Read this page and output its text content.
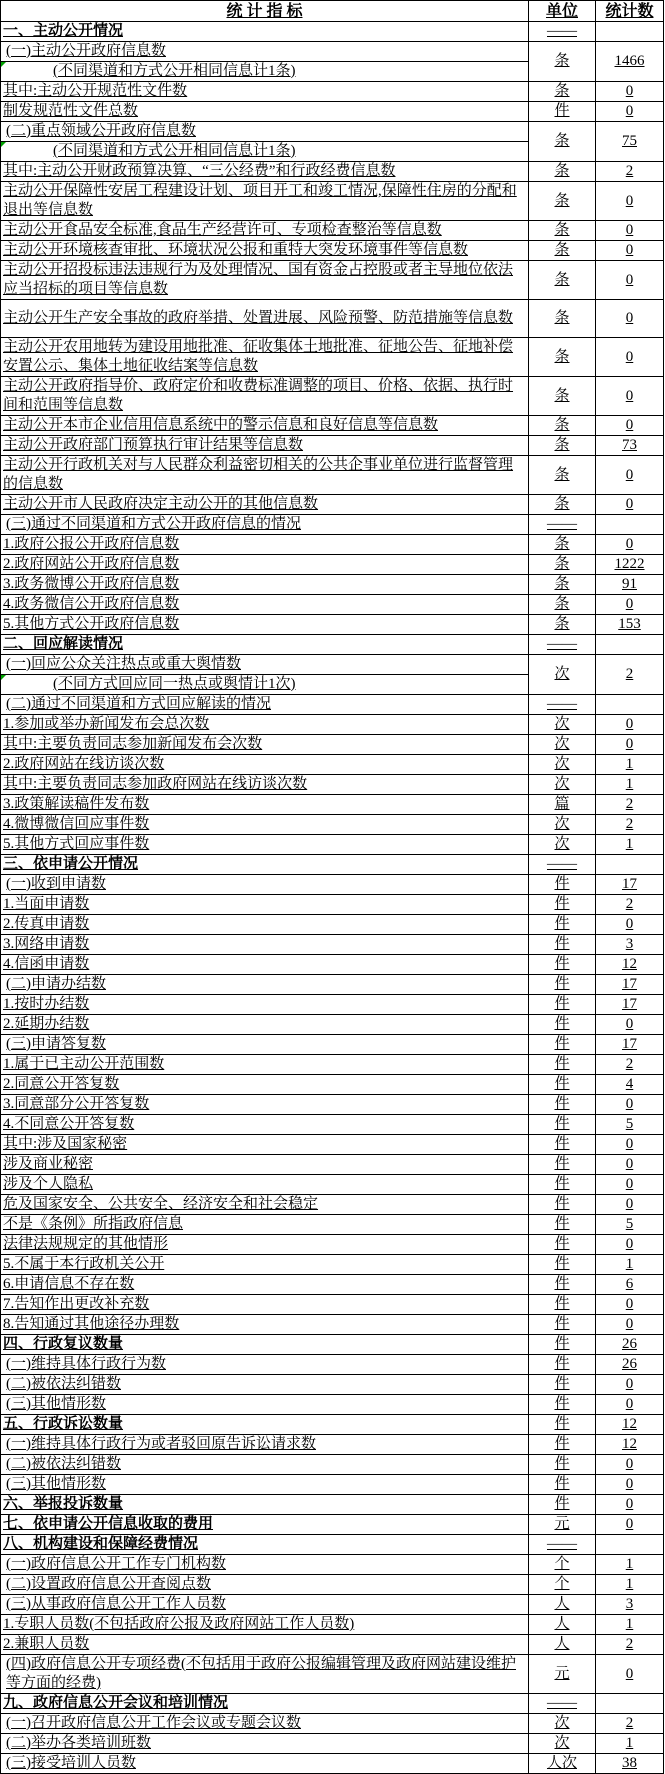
统 计 指 标	单位	统计数
一、主动公开情况	——	
(一)主动公开政府信息数	条	1466

(不同渠道和方式公开相同信息计1条)		
其中:主动公开规范性文件数	条	0
制发规范性文件总数	件	0
(二)重点领域公开政府信息数	条	75

(不同渠道和方式公开相同信息计1条)		
其中:主动公开财政预算决算、“三公经费”和行政经费信息数	条	2
主动公开保障性安居工程建设计划、项目开工和竣工情况,保障性住房的分配和退出等信息数	条	0
主动公开食品安全标准,食品生产经营许可、专项检查整治等信息数	条	0
主动公开环境核查审批、环境状况公报和重特大突发环境事件等信息数	条	0
主动公开招投标违法违规行为及处理情况、国有资金占控股或者主导地位依法应当招标的项目等信息数	条	0
主动公开生产安全事故的政府举措、处置进展、风险预警、防范措施等信息数	条	0
主动公开农用地转为建设用地批准、征收集体土地批准、征地公告、征地补偿安置公示、集体土地征收结案等信息数	条	0
主动公开政府指导价、政府定价和收费标准调整的项目、价格、依据、执行时间和范围等信息数	条	0
主动公开本市企业信用信息系统中的警示信息和良好信息等信息数	条	0
主动公开政府部门预算执行审计结果等信息数	条	73
主动公开行政机关对与人民群众利益密切相关的公共企事业单位进行监督管理的信息数	条	0
主动公开市人民政府决定主动公开的其他信息数	条	0
(三)通过不同渠道和方式公开政府信息的情况	——	
1.政府公报公开政府信息数	条	0
2.政府网站公开政府信息数	条	1222
3.政务微博公开政府信息数	条	91
4.政务微信公开政府信息数	条	0
5.其他方式公开政府信息数	条	153
二、回应解读情况	——	
(一)回应公众关注热点或重大舆情数	次	2

(不同方式回应同一热点或舆情计1次)		
(二)通过不同渠道和方式回应解读的情况	——	
1.参加或举办新闻发布会总次数	次	0
其中:主要负责同志参加新闻发布会次数	次	0
2.政府网站在线访谈次数	次	1
其中:主要负责同志参加政府网站在线访谈次数	次	1
3.政策解读稿件发布数	篇	2
4.微博微信回应事件数	次	2
5.其他方式回应事件数	次	1
三、依申请公开情况	——	
(一)收到申请数	件	17
1.当面申请数	件	2
2.传真申请数	件	0
3.网络申请数	件	3
4.信函申请数	件	12
(二)申请办结数	件	17
1.按时办结数	件	17
2.延期办结数	件	0
(三)申请答复数	件	17
1.属于已主动公开范围数	件	2
2.同意公开答复数	件	4
3.同意部分公开答复数	件	0
4.不同意公开答复数	件	5
其中:涉及国家秘密	件	0
涉及商业秘密	件	0
涉及个人隐私	件	0
危及国家安全、公共安全、经济安全和社会稳定	件	0
不是《条例》所指政府信息	件	5
法律法规规定的其他情形	件	0
5.不属于本行政机关公开	件	1
6.申请信息不存在数	件	6
7.告知作出更改补充数	件	0
8.告知通过其他途径办理数	件	0
四、行政复议数量	件	26
(一)维持具体行政行为数	件	26
(二)被依法纠错数	件	0
(三)其他情形数	件	0
五、行政诉讼数量	件	12
(一)维持具体行政行为或者驳回原告诉讼请求数	件	12
(二)被依法纠错数	件	0
(三)其他情形数	件	0
六、举报投诉数量	件	0
七、依申请公开信息收取的费用	元	0
八、机构建设和保障经费情况	——	
(一)政府信息公开工作专门机构数	个	1
(二)设置政府信息公开查阅点数	个	1
(三)从事政府信息公开工作人员数	人	3
1.专职人员数(不包括政府公报及政府网站工作人员数)	人	1
2.兼职人员数	人	2
(四)政府信息公开专项经费(不包括用于政府公报编辑管理及政府网站建设维护等方面的经费)	元	0
九、政府信息公开会议和培训情况	——	
(一)召开政府信息公开工作会议或专题会议数	次	2
(二)举办各类培训班数	次	1
(三)接受培训人员数	人次	38
